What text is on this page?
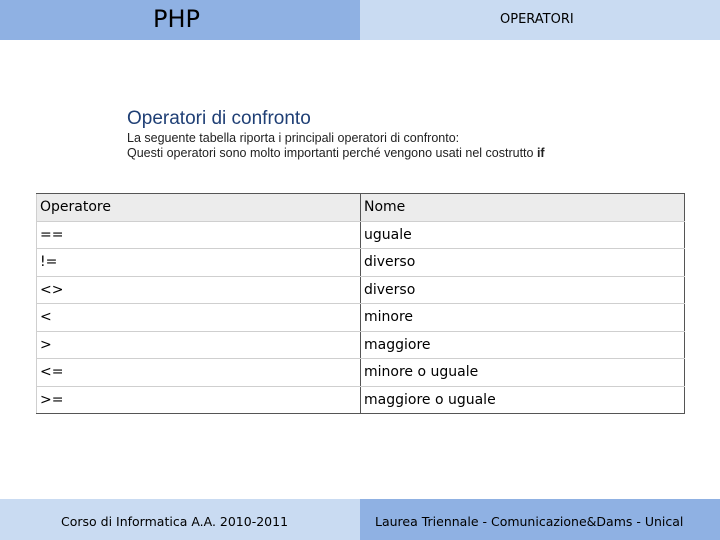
PHP	OPERATORI
Operatori di confronto
La seguente tabella riporta i principali operatori di confronto:
Questi operatori sono molto importanti perché vengono usati nel costrutto if
Operatore	Nome
==	uguale
!=	diverso
<>	diverso
<	minore
>	maggiore
<=	minore o uguale
>=	maggiore o uguale
Corso di Informatica A.A. 2010-2011	Laurea Triennale - Comunicazione&Dams - Unical
